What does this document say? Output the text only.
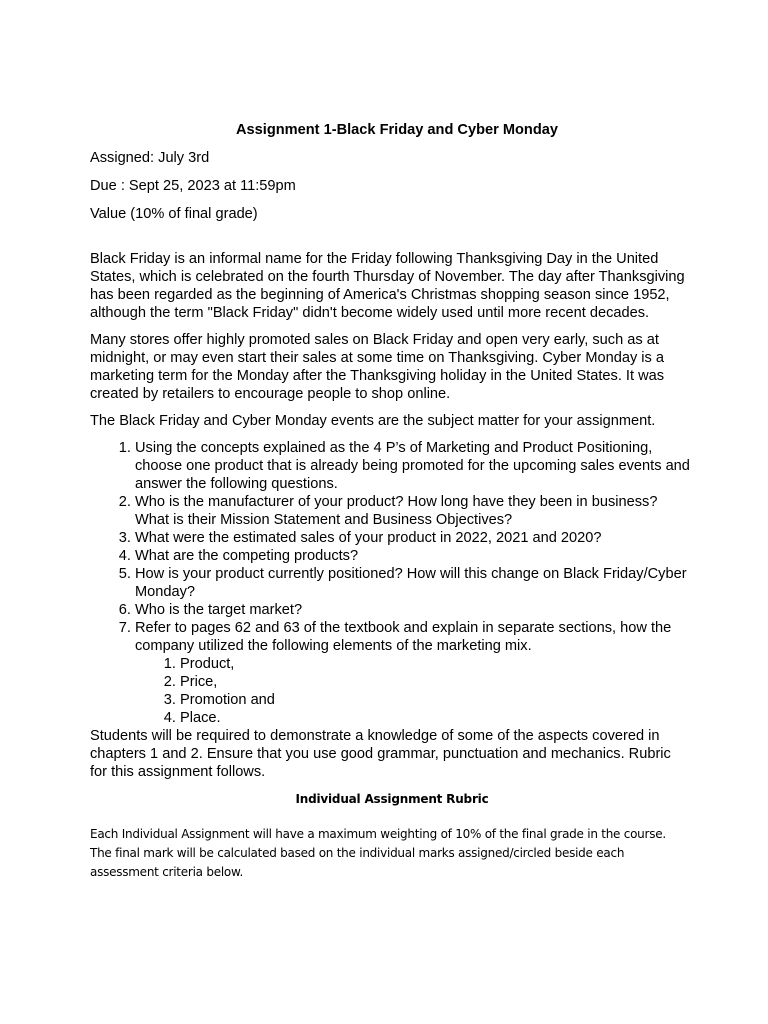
Assignment 1-Black Friday and Cyber Monday
Assigned: July 3rd
Due : Sept 25, 2023 at 11:59pm
Value (10% of final grade)

Black Friday is an informal name for the Friday following Thanksgiving Day in the United States, which is celebrated on the fourth Thursday of November. The day after Thanksgiving has been regarded as the beginning of America's Christmas shopping season since 1952, although the term "Black Friday" didn't become widely used until more recent decades.

Many stores offer highly promoted sales on Black Friday and open very early, such as at midnight, or may even start their sales at some time on Thanksgiving. Cyber Monday is a marketing term for the Monday after the Thanksgiving holiday in the United States. It was created by retailers to encourage people to shop online.

The Black Friday and Cyber Monday events are the subject matter for your assignment.

1. Using the concepts explained as the 4 P’s of Marketing and Product Positioning, choose one product that is already being promoted for the upcoming sales events and answer the following questions.
2. Who is the manufacturer of your product? How long have they been in business? What is their Mission Statement and Business Objectives?
3. What were the estimated sales of your product in 2022, 2021 and 2020?
4. What are the competing products?
5. How is your product currently positioned? How will this change on Black Friday/Cyber Monday?
6. Who is the target market?
7. Refer to pages 62 and 63 of the textbook and explain in separate sections, how the company utilized the following elements of the marketing mix.
1. Product,
2. Price,
3. Promotion and
4. Place.

Students will be required to demonstrate a knowledge of some of the aspects covered in chapters 1 and 2. Ensure that you use good grammar, punctuation and mechanics. Rubric for this assignment follows.

Individual Assignment Rubric

Each Individual Assignment will have a maximum weighting of 10% of the final grade in the course. The final mark will be calculated based on the individual marks assigned/circled beside each assessment criteria below.
